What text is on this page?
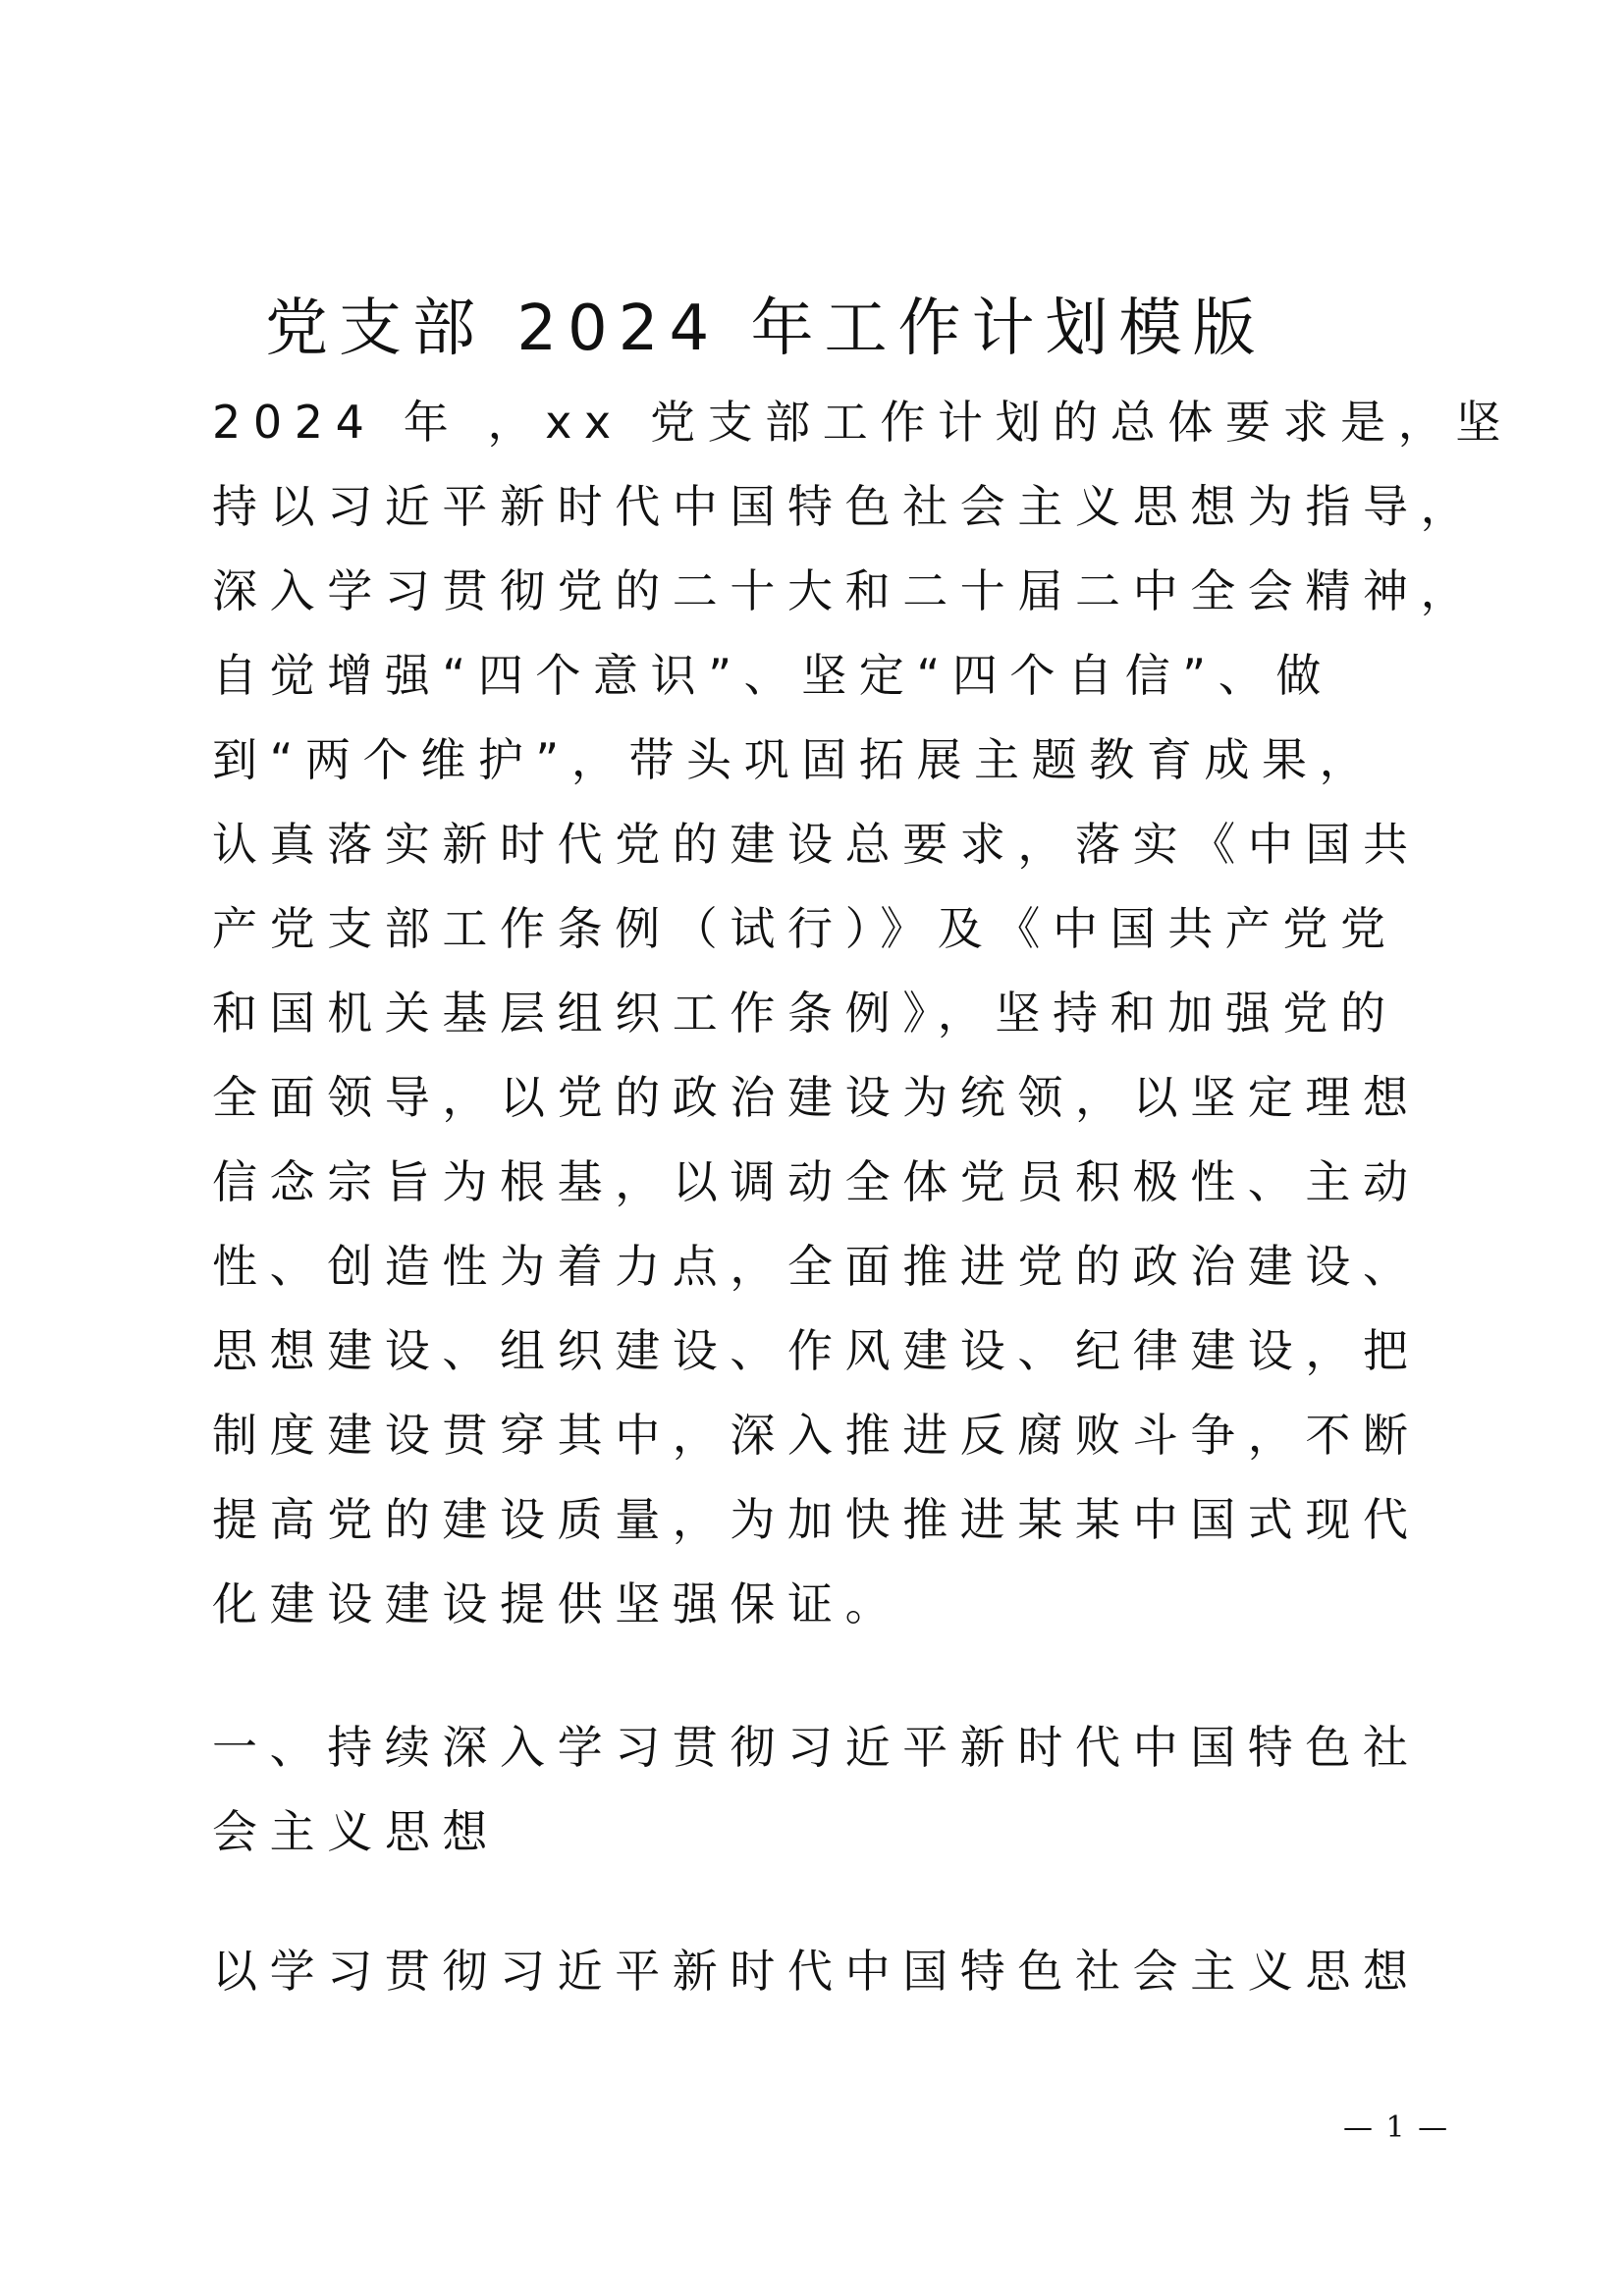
党支部 2024 年工作计划模版

2024 年 ，xx 党支部工作计划的总体要求是，坚

持以习近平新时代中国特色社会主义思想为指导，

深入学习贯彻党的二十大和二十届二中全会精神，

自觉增强“四个意识”、坚定“四个自信”、做

到“两个维护”，带头巩固拓展主题教育成果，

认真落实新时代党的建设总要求，落实《中国共

产党支部工作条例（试行）》及《中国共产党党

和国机关基层组织工作条例》，坚持和加强党的

全面领导，以党的政治建设为统领，以坚定理想

信念宗旨为根基，以调动全体党员积极性、主动

性、创造性为着力点，全面推进党的政治建设、

思想建设、组织建设、作风建设、纪律建设，把

制度建设贯穿其中，深入推进反腐败斗争，不断

提高党的建设质量，为加快推进某某中国式现代

化建设建设提供坚强保证。

一、持续深入学习贯彻习近平新时代中国特色社

会主义思想

以学习贯彻习近平新时代中国特色社会主义思想

— 1 —
